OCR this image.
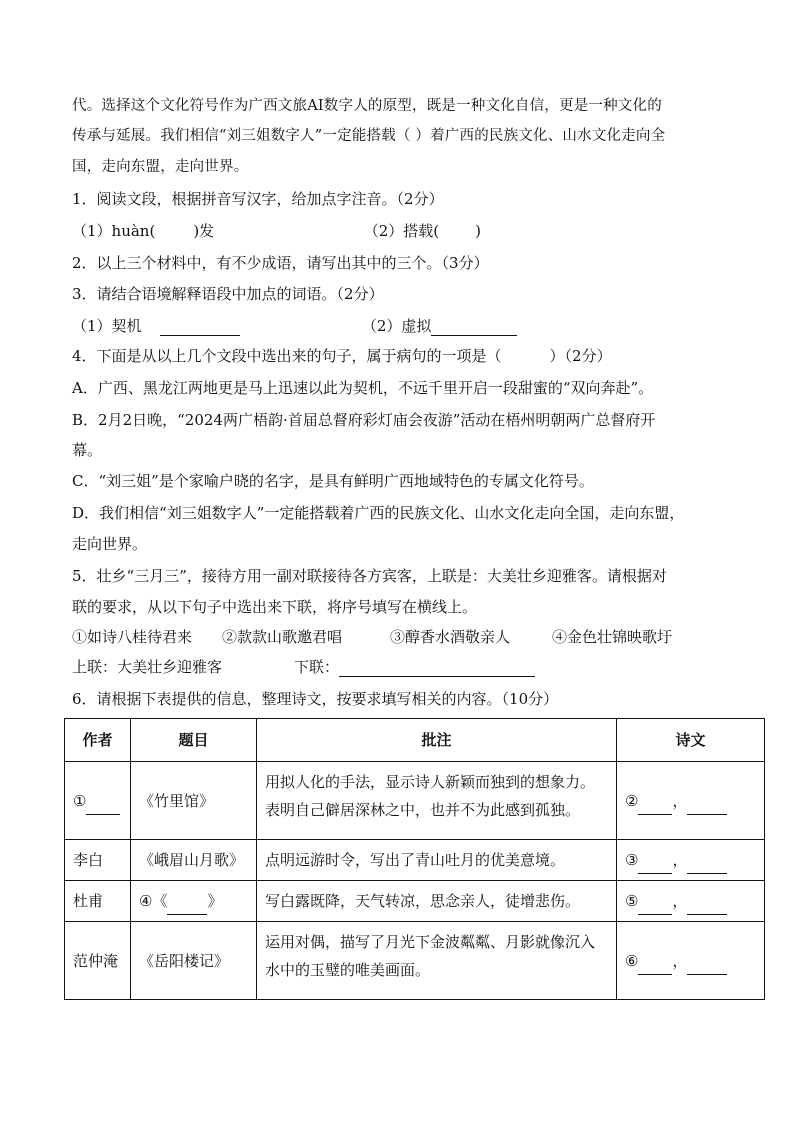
代。选择这个文化符号作为广西文旅AI数字人的原型，既是一种文化自信，更是一种文化的
传承与延展。我们相信“刘三姐数字人”一定能搭载（ ）着广西的民族文化、山水文化走向全
国，走向东盟，走向世界。
1．阅读文段，根据拼音写汉字，给加点字注音。（2分）
（1）huàn(	)发	（2）搭载( )
2．以上三个材料中，有不少成语，请写出其中的三个。（3分）
3．请结合语境解释语段中加点的词语。（2分）
（1）契机	（2）虚拟
4．下面是从以上几个文段中选出来的句子，属于病句的一项是（	）（2分）
A．广西、黑龙江两地更是马上迅速以此为契机，不远千里开启一段甜蜜的“双向奔赴”。
B．2月2日晚，“2024两广梧韵·首届总督府彩灯庙会夜游”活动在梧州明朝两广总督府开
幕。
C．“刘三姐”是个家喻户晓的名字，是具有鲜明广西地域特色的专属文化符号。
D．我们相信“刘三姐数字人”一定能搭载着广西的民族文化、山水文化走向全国，走向东盟，
走向世界。
5．壮乡“三月三”，接待方用一副对联接待各方宾客，上联是：大美壮乡迎雅客。请根据对
联的要求，从以下句子中选出来下联，将序号填写在横线上。
①如诗八桂待君来 ②款款山歌邀君唱	③醇香水酒敬亲人	④金色壮锦映歌圩
上联：大美壮乡迎雅客	下联：
6．请根据下表提供的信息，整理诗文，按要求填写相关的内容。（10分）
作者	题目	批注	诗文
①	《竹里馆》	用拟人化的手法，显示诗人新颖而独到的想象力。表明自己僻居深林之中，也并不为此感到孤独。	② ，
李白	《峨眉山月歌》	点明远游时令，写出了青山吐月的优美意境。	③ ，
杜甫	④《 》	写白露既降，天气转凉，思念亲人，徒增悲伤。	⑤ ，
范仲淹	《岳阳楼记》	运用对偶，描写了月光下金波粼粼、月影就像沉入水中的玉璧的唯美画面。	⑥ ，
